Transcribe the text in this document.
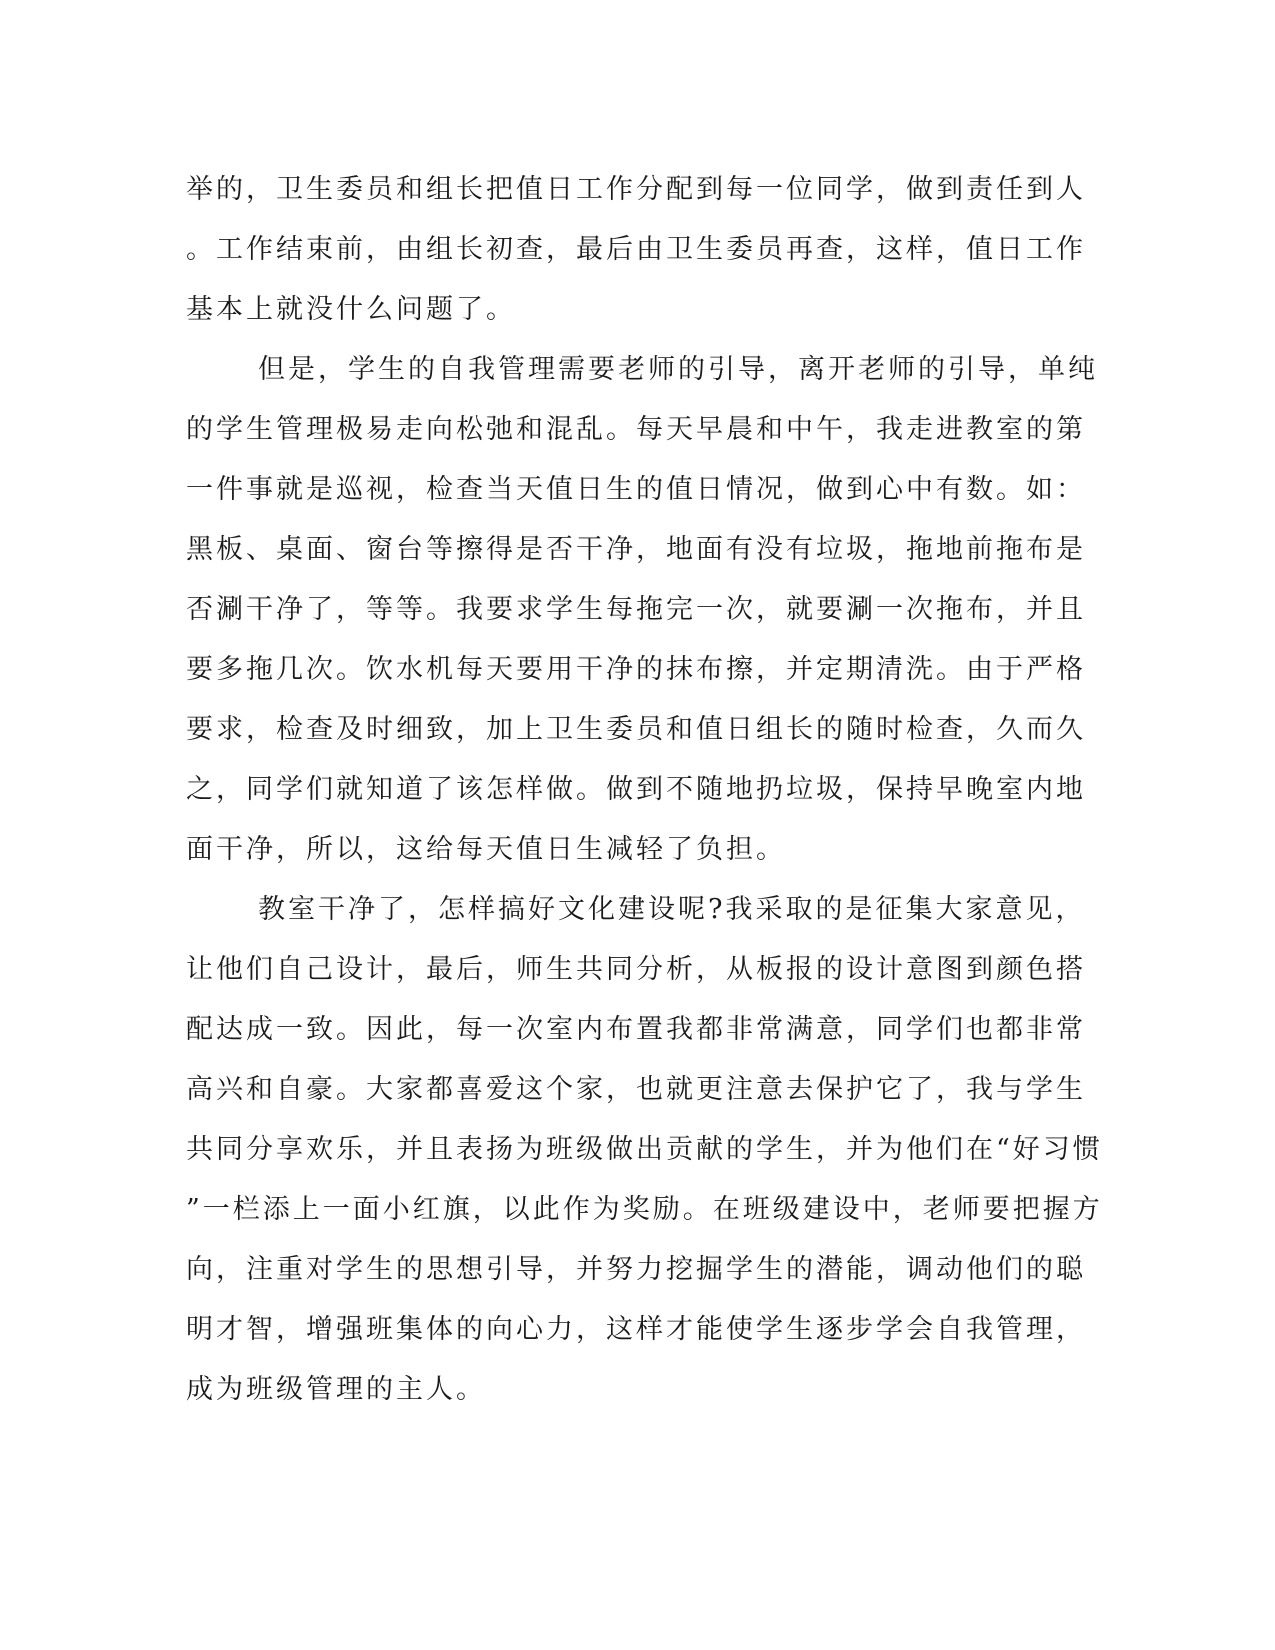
举的，卫生委员和组长把值日工作分配到每一位同学，做到责任到人
。工作结束前，由组长初查，最后由卫生委员再查，这样，值日工作
基本上就没什么问题了。
但是，学生的自我管理需要老师的引导，离开老师的引导，单纯
的学生管理极易走向松弛和混乱。每天早晨和中午，我走进教室的第
一件事就是巡视，检查当天值日生的值日情况，做到心中有数。如：
黑板、桌面、窗台等擦得是否干净，地面有没有垃圾，拖地前拖布是
否涮干净了，等等。我要求学生每拖完一次，就要涮一次拖布，并且
要多拖几次。饮水机每天要用干净的抹布擦，并定期清洗。由于严格
要求，检查及时细致，加上卫生委员和值日组长的随时检查，久而久
之，同学们就知道了该怎样做。做到不随地扔垃圾，保持早晚室内地
面干净，所以，这给每天值日生减轻了负担。
教室干净了，怎样搞好文化建设呢?我采取的是征集大家意见，
让他们自己设计，最后，师生共同分析，从板报的设计意图到颜色搭
配达成一致。因此，每一次室内布置我都非常满意，同学们也都非常
高兴和自豪。大家都喜爱这个家，也就更注意去保护它了，我与学生
共同分享欢乐，并且表扬为班级做出贡献的学生，并为他们在“好习惯
”一栏添上一面小红旗，以此作为奖励。在班级建设中，老师要把握方
向，注重对学生的思想引导，并努力挖掘学生的潜能，调动他们的聪
明才智，增强班集体的向心力，这样才能使学生逐步学会自我管理，
成为班级管理的主人。
